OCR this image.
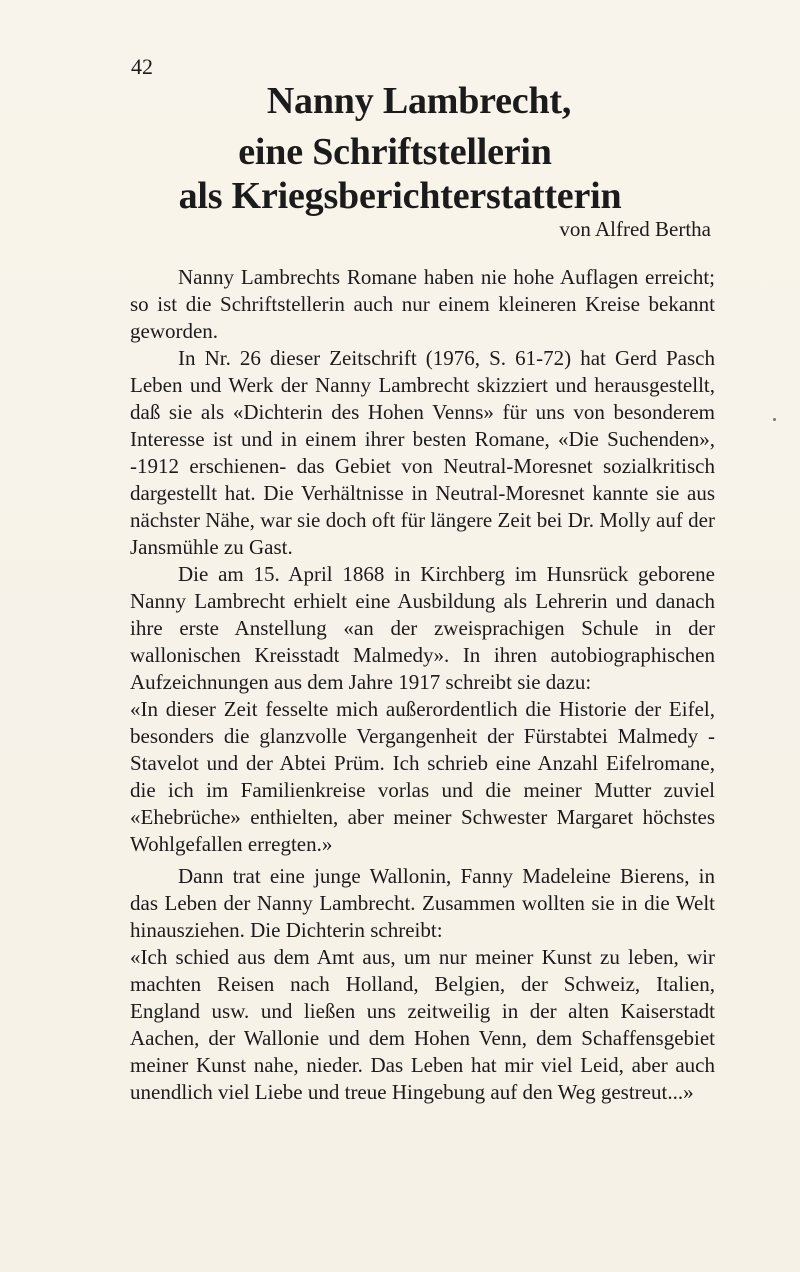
42
Nanny Lambrecht,
eine Schriftstellerin
als Kriegsberichterstatterin
von Alfred Bertha

Nanny Lambrechts Romane haben nie hohe Auflagen erreicht; so ist die Schriftstellerin auch nur einem kleineren Kreise bekannt geworden.

In Nr. 26 dieser Zeitschrift (1976, S. 61-72) hat Gerd Pasch Leben und Werk der Nanny Lambrecht skizziert und herausgestellt, daß sie als «Dichterin des Hohen Venns» für uns von besonderem Interesse ist und in einem ihrer besten Romane, «Die Suchenden», -1912 erschienen- das Gebiet von Neutral-Moresnet sozialkritisch dargestellt hat. Die Verhältnisse in Neutral-Moresnet kannte sie aus nächster Nähe, war sie doch oft für längere Zeit bei Dr. Molly auf der Jansmühle zu Gast.

Die am 15. April 1868 in Kirchberg im Hunsrück geborene Nanny Lambrecht erhielt eine Ausbildung als Lehrerin und danach ihre erste Anstellung «an der zweisprachigen Schule in der wallonischen Kreisstadt Malmedy». In ihren autobiographischen Aufzeichnungen aus dem Jahre 1917 schreibt sie dazu:

«In dieser Zeit fesselte mich außerordentlich die Historie der Eifel, besonders die glanzvolle Vergangenheit der Fürstabtei Malmedy - Stavelot und der Abtei Prüm. Ich schrieb eine Anzahl Eifelromane, die ich im Familienkreise vorlas und die meiner Mutter zuviel «Ehebrüche» enthielten, aber meiner Schwester Margaret höchstes Wohlgefallen erregten.»

Dann trat eine junge Wallonin, Fanny Madeleine Bierens, in das Leben der Nanny Lambrecht. Zusammen wollten sie in die Welt hinausziehen. Die Dichterin schreibt:

«Ich schied aus dem Amt aus, um nur meiner Kunst zu leben, wir machten Reisen nach Holland, Belgien, der Schweiz, Italien, England usw. und ließen uns zeitweilig in der alten Kaiserstadt Aachen, der Wallonie und dem Hohen Venn, dem Schaffensgebiet meiner Kunst nahe, nieder. Das Leben hat mir viel Leid, aber auch unendlich viel Liebe und treue Hingebung auf den Weg gestreut...»
